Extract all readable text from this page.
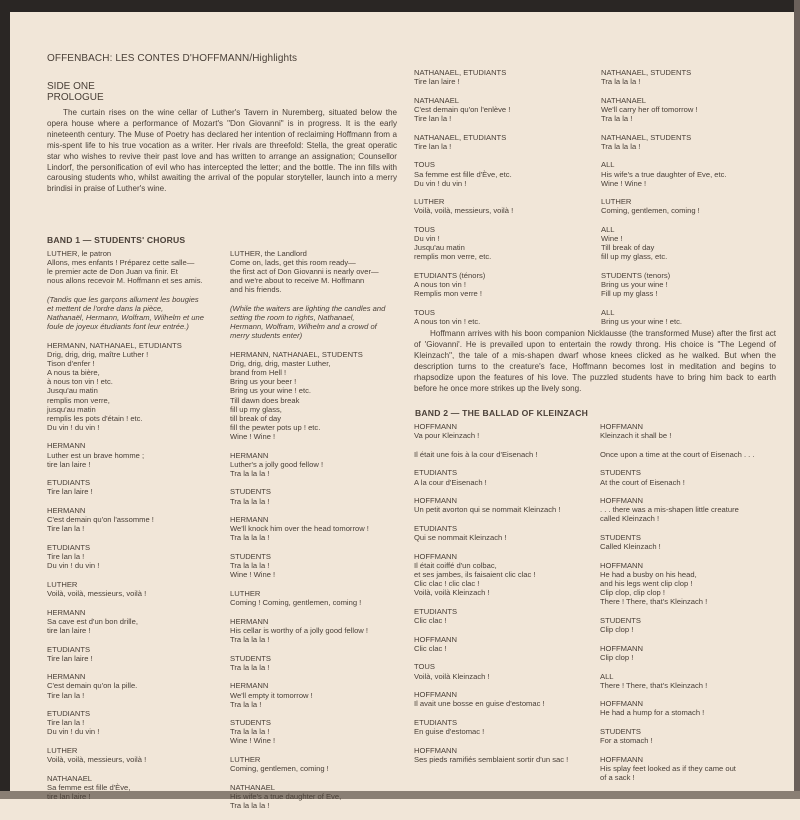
OFFENBACH: LES CONTES D'HOFFMANN/Highlights
SIDE ONE
PROLOGUE

The curtain rises on the wine cellar of Luther's Tavern in Nuremberg, situated below the opera house where a performance of Mozart's "Don Giovanni" is in progress. It is the early nineteenth century. The Muse of Poetry has declared her intention of reclaiming Hoffmann from a mis-spent life to his true vocation as a writer. Her rivals are threefold: Stella, the great operatic star who wishes to revive their past love and has written to arrange an assignation; Counsellor Lindorf, the personification of evil who has intercepted the letter; and the bottle. The inn fills with carousing students who, whilst awaiting the arrival of the popular storyteller, launch into a merry brindisi in praise of Luther's wine.

BAND 1 — STUDENTS' CHORUS
LUTHER, le patron
Allons, mes enfants ! Préparez cette salle—
le premier acte de Don Juan va finir. Et
nous allons recevoir M. Hoffmann et ses amis.
(Tandis que les garçons allument les bougies
et mettent de l'ordre dans la pièce,
Nathanaël, Hermann, Wolfram, Wilhelm et une
foule de joyeux étudiants font leur entrée.)
HERMANN, NATHANAEL, ETUDIANTS
Drig, drig, drig, maître Luther !
Tison d'enfer !
A nous ta bière,
à nous ton vin ! etc.
Jusqu'au matin
remplis mon verre,
jusqu'au matin
remplis les pots d'étain ! etc.
Du vin ! du vin !
HERMANN
Luther est un brave homme ;
tire lan laire !
ETUDIANTS
Tire lan laire !
HERMANN
C'est demain qu'on l'assomme !
Tire lan la !
ETUDIANTS
Tire lan la !
Du vin ! du vin !
LUTHER
Voilà, voilà, messieurs, voilà !
HERMANN
Sa cave est d'un bon drille,
tire lan laire !
ETUDIANTS
Tire lan laire !
HERMANN
C'est demain qu'on la pille.
Tire lan la !
ETUDIANTS
Tire lan la !
Du vin ! du vin !
LUTHER
Voilà, voilà, messieurs, voilà !
NATHANAEL
Sa femme est fille d'Ève,
tire lan laire !
LUTHER, the Landlord
Come on, lads, get this room ready—
the first act of Don Giovanni is nearly over—
and we're about to receive M. Hoffmann
and his friends.
(While the waiters are lighting the candles and
setting the room to rights, Nathanael,
Hermann, Wolfram, Wilhelm and a crowd of
merry students enter)
HERMANN, NATHANAEL, STUDENTS
Drig, drig, drig, master Luther,
brand from Hell !
Bring us your beer !
Bring us your wine ! etc.
Till dawn does break
fill up my glass,
till break of day
fill the pewter pots up ! etc.
Wine ! Wine !
HERMANN
Luther's a jolly good fellow !
Tra la la la !
STUDENTS
Tra la la la !
HERMANN
We'll knock him over the head tomorrow !
Tra la la la !
STUDENTS
Tra la la la !
Wine ! Wine !
LUTHER
Coming ! Coming, gentlemen, coming !
HERMANN
His cellar is worthy of a jolly good fellow !
Tra la la la !
STUDENTS
Tra la la la !
HERMANN
We'll empty it tomorrow !
Tra la la !
STUDENTS
Tra la la la !
Wine ! Wine !
LUTHER
Coming, gentlemen, coming !
NATHANAEL
His wife's a true daughter of Eve,
Tra la la la !
NATHANAEL, ETUDIANTS
Tire lan laire !
NATHANAEL
C'est demain qu'on l'enlève !
Tire lan la !
NATHANAEL, ETUDIANTS
Tire lan la !
TOUS
Sa femme est fille d'Ève, etc.
Du vin ! du vin !
LUTHER
Voilà, voilà, messieurs, voilà !
TOUS
Du vin !
Jusqu'au matin
remplis mon verre, etc.
ETUDIANTS (ténors)
A nous ton vin !
Remplis mon verre !
TOUS
A nous ton vin ! etc.
NATHANAEL, STUDENTS
Tra la la la !
NATHANAEL
We'll carry her off tomorrow !
Tra la la !
NATHANAEL, STUDENTS
Tra la la la !
ALL
His wife's a true daughter of Eve, etc.
Wine ! Wine !
LUTHER
Coming, gentlemen, coming !
ALL
Wine !
Till break of day
fill up my glass, etc.
STUDENTS (tenors)
Bring us your wine !
Fill up my glass !
ALL
Bring us your wine ! etc.

Hoffmann arrives with his boon companion Nicklausse (the transformed Muse) after the first act of 'Giovanni'. He is prevailed upon to entertain the rowdy throng. His choice is "The Legend of Kleinzach", the tale of a mis-shapen dwarf whose knees clicked as he walked. But when the description turns to the creature's face, Hoffmann becomes lost in meditation and begins to rhapsodize upon the features of his love. The puzzled students have to bring him back to earth before he once more strikes up the lively song.

BAND 2 — THE BALLAD OF KLEINZACH
HOFFMANN
Va pour Kleinzach !
Il était une fois à la cour d'Eisenach !
ETUDIANTS
A la cour d'Eisenach !
HOFFMANN
Un petit avorton qui se nommait Kleinzach !
ETUDIANTS
Qui se nommait Kleinzach !
HOFFMANN
Il était coiffé d'un colbac,
et ses jambes, ils faisaient clic clac !
Clic clac ! clic clac !
Voilà, voilà Kleinzach !
ETUDIANTS
Clic clac !
HOFFMANN
Clic clac !
TOUS
Voilà, voilà Kleinzach !
HOFFMANN
Il avait une bosse en guise d'estomac !
ETUDIANTS
En guise d'estomac !
HOFFMANN
Ses pieds ramifiés semblaient sortir d'un sac !
HOFFMANN
Kleinzach it shall be !
Once upon a time at the court of Eisenach . . .
STUDENTS
At the court of Eisenach !
HOFFMANN
. . . there was a mis-shapen little creature
called Kleinzach !
STUDENTS
Called Kleinzach !
HOFFMANN
He had a busby on his head,
and his legs went clip clop !
Clip clop, clip clop !
There ! There, that's Kleinzach !
STUDENTS
Clip clop !
HOFFMANN
Clip clop !
ALL
There ! There, that's Kleinzach !
HOFFMANN
He had a hump for a stomach !
STUDENTS
For a stomach !
HOFFMANN
His splay feet looked as if they came out
of a sack !
